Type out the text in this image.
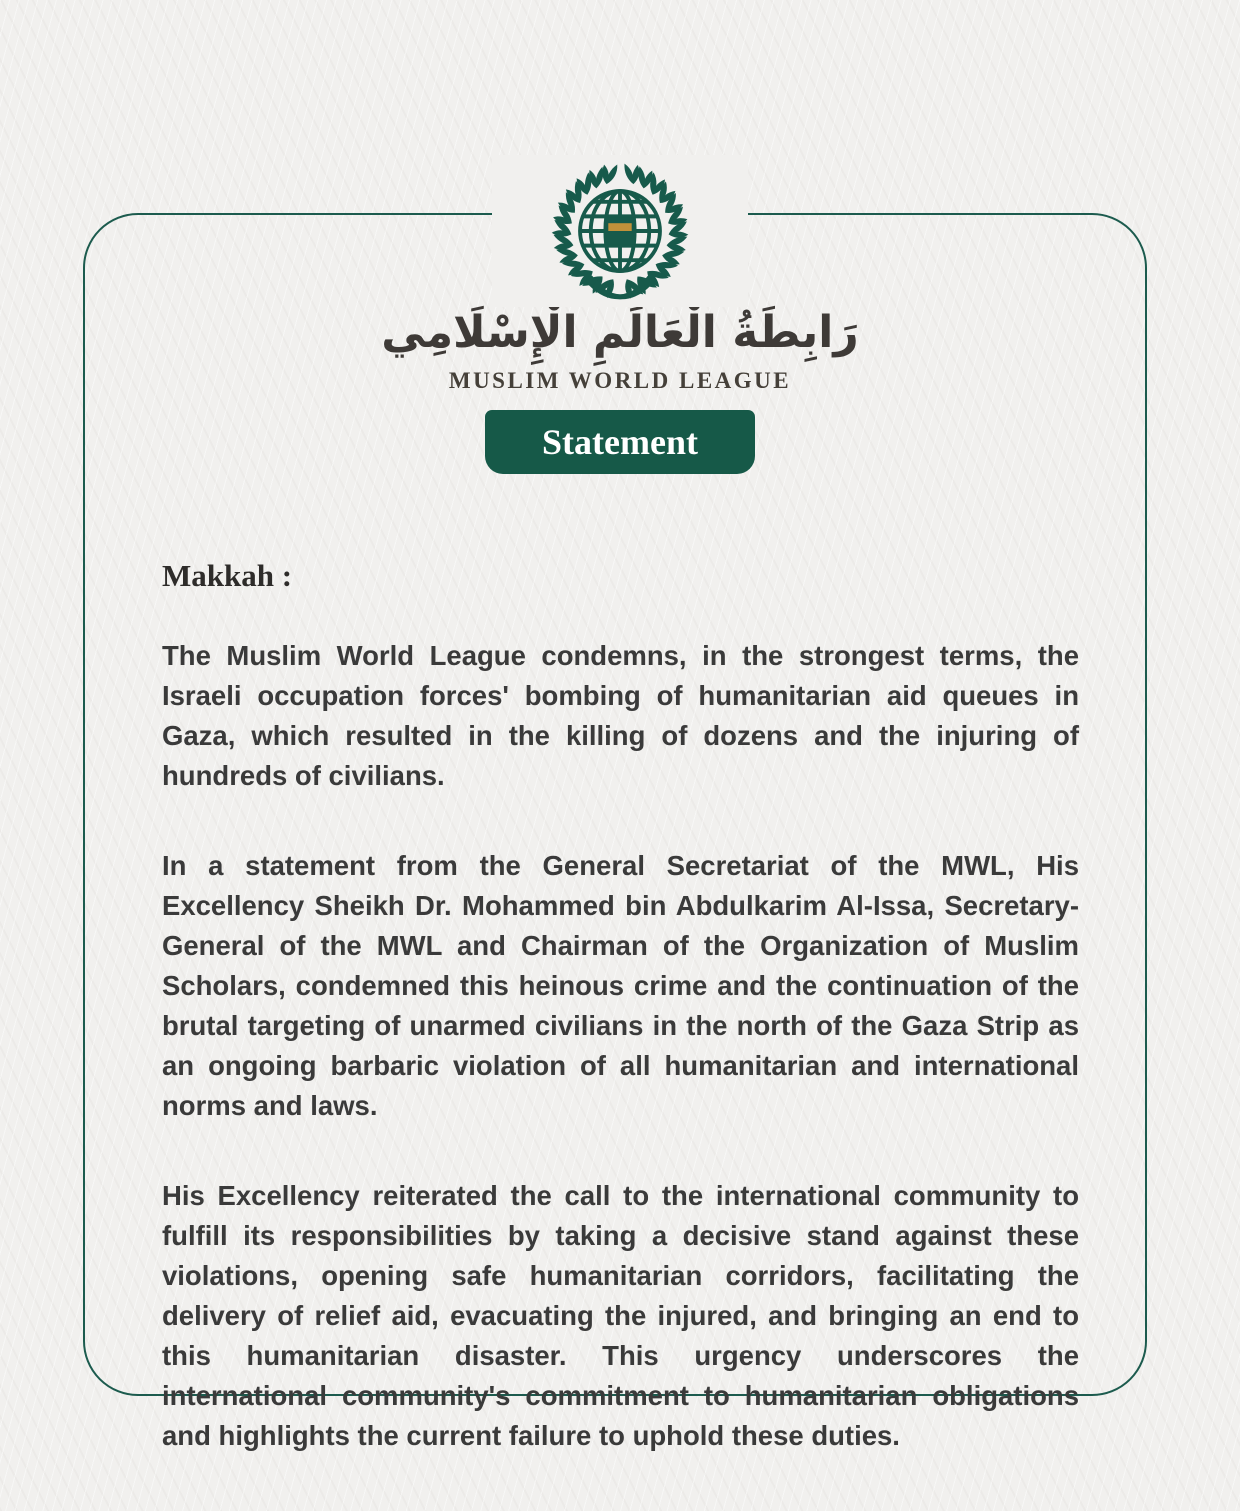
رَابِطَةُ الْعَالَمِ الْإِسْلَامِي
MUSLIM WORLD LEAGUE
Statement
Makkah :

The Muslim World League condemns, in the strongest terms, the Israeli occupation forces' bombing of humanitarian aid queues in Gaza, which resulted in the killing of dozens and the injuring of hundreds of civilians.

In a statement from the General Secretariat of the MWL, His Excellency Sheikh Dr. Mohammed bin Abdulkarim Al-Issa, Secretary-General of the MWL and Chairman of the Organization of Muslim Scholars, condemned this heinous crime and the continuation of the brutal targeting of unarmed civilians in the north of the Gaza Strip as an ongoing barbaric violation of all humanitarian and international norms and laws.

His Excellency reiterated the call to the international community to fulfill its responsibilities by taking a decisive stand against these violations, opening safe humanitarian corridors, facilitating the delivery of relief aid, evacuating the injured, and bringing an end to this humanitarian disaster. This urgency underscores the international community's commitment to humanitarian obligations and highlights the current failure to uphold these duties.
